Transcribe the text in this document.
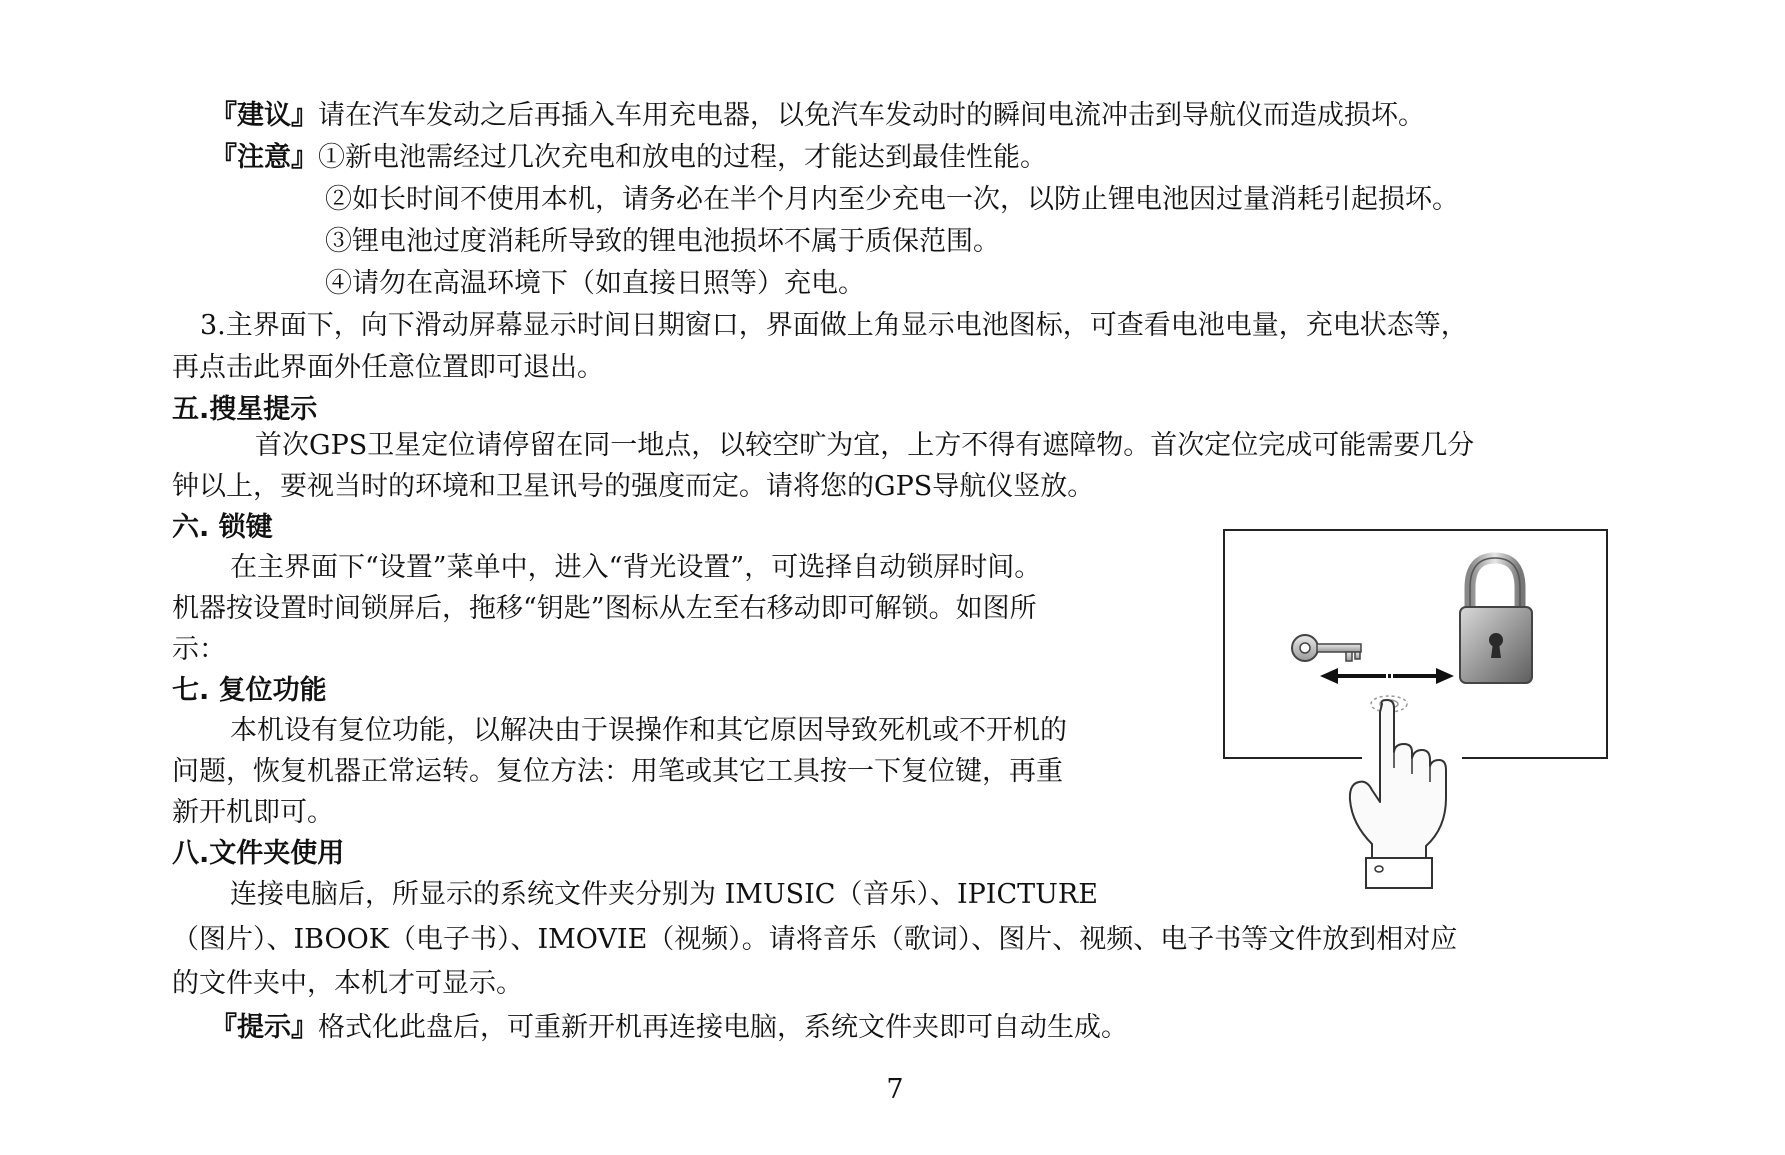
『建议』请在汽车发动之后再插入车用充电器，以免汽车发动时的瞬间电流冲击到导航仪而造成损坏。

『注意』①新电池需经过几次充电和放电的过程，才能达到最佳性能。

②如长时间不使用本机，请务必在半个月内至少充电一次，以防止锂电池因过量消耗引起损坏。

③锂电池过度消耗所导致的锂电池损坏不属于质保范围。

④请勿在高温环境下（如直接日照等）充电。

3.主界面下，向下滑动屏幕显示时间日期窗口，界面做上角显示电池图标，可查看电池电量，充电状态等，

再点击此界面外任意位置即可退出。

五.搜星提示

首次GPS卫星定位请停留在同一地点，以较空旷为宜，上方不得有遮障物。首次定位完成可能需要几分

钟以上，要视当时的环境和卫星讯号的强度而定。请将您的GPS导航仪竖放。

六. 锁键

在主界面下“设置”菜单中，进入“背光设置”，可选择自动锁屏时间。

机器按设置时间锁屏后，拖移“钥匙”图标从左至右移动即可解锁。如图所

示：

七. 复位功能

本机设有复位功能，以解决由于误操作和其它原因导致死机或不开机的

问题，恢复机器正常运转。复位方法：用笔或其它工具按一下复位键，再重

新开机即可。

八.文件夹使用

连接电脑后，所显示的系统文件夹分别为 IMUSIC（音乐）、IPICTURE

（图片）、IBOOK（电子书）、IMOVIE（视频）。请将音乐（歌词）、图片、视频、电子书等文件放到相对应

的文件夹中，本机才可显示。

『提示』格式化此盘后，可重新开机再连接电脑，系统文件夹即可自动生成。

7
